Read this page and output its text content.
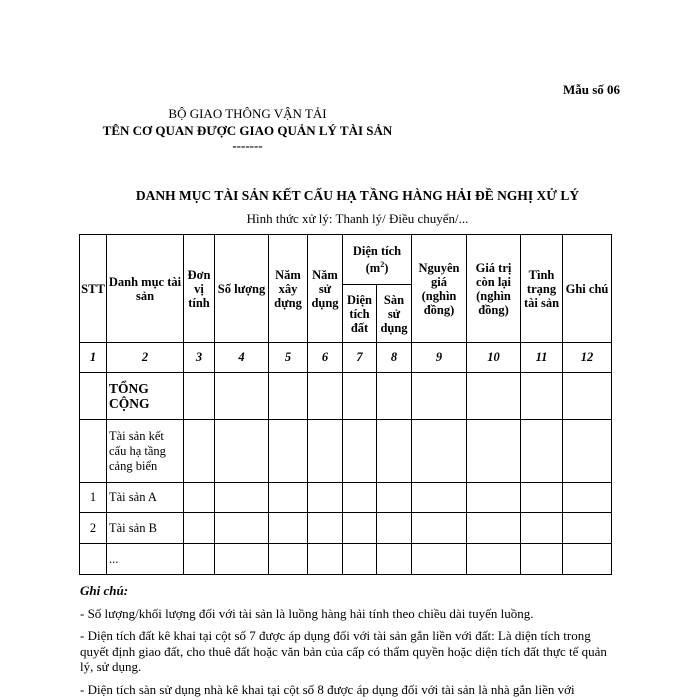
Mẫu số 06
BỘ GIAO THÔNG VẬN TẢI
TÊN CƠ QUAN ĐƯỢC GIAO QUẢN LÝ TÀI SẢN
-------
DANH MỤC TÀI SẢN KẾT CẤU HẠ TẦNG HÀNG HẢI ĐỀ NGHỊ XỬ LÝ
Hình thức xử lý: Thanh lý/ Điều chuyển/...
STT	Danh mục tài sản	Đơn vị tính	Số lượng	Năm xây dựng	Năm sử dụng	Diện tích $(m^2)$		Nguyên giá (nghìn đồng)	Giá trị còn lại (nghìn đồng)	Tình trạng tài sản	Ghi chú
						Diện tích đất	Sàn sử dụng				
1	2	3	4	5	6	7	8	9	10	11	12
	TỔNG CỘNG										
	Tài sản kết cấu hạ tầng cảng biển										
1	Tài sản A										
2	Tài sản B										
	...										
Ghi chú:
- Số lượng/khối lượng đối với tài sản là luồng hàng hải tính theo chiều dài tuyến luồng.
- Diện tích đất kê khai tại cột số 7 được áp dụng đối với tài sản gắn liền với đất: Là diện tích trong quyết định giao đất, cho thuê đất hoặc văn bản của cấp có thẩm quyền hoặc diện tích đất thực tế quản lý, sử dụng.
- Diện tích sàn sử dụng nhà kê khai tại cột số 8 được áp dụng đối với tài sản là nhà gắn liền với
